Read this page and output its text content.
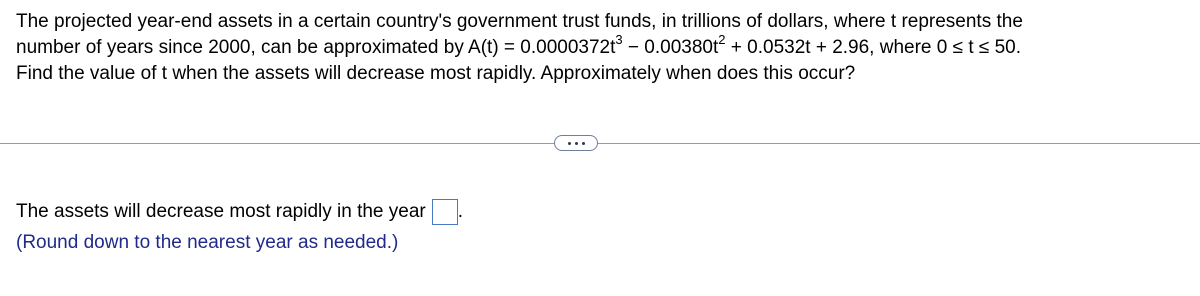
The projected year-end assets in a certain country's government trust funds, in trillions of dollars, where t represents the

number of years since 2000, can be approximated by $A(t) = 0.0000372t^3 - 0.00380t^2 + 0.0532t + 2.96$, where 0 ≤ t ≤ 50.

Find the value of t when the assets will decrease most rapidly. Approximately when does this occur?

The assets will decrease most rapidly in the year .
(Round down to the nearest year as needed.)
